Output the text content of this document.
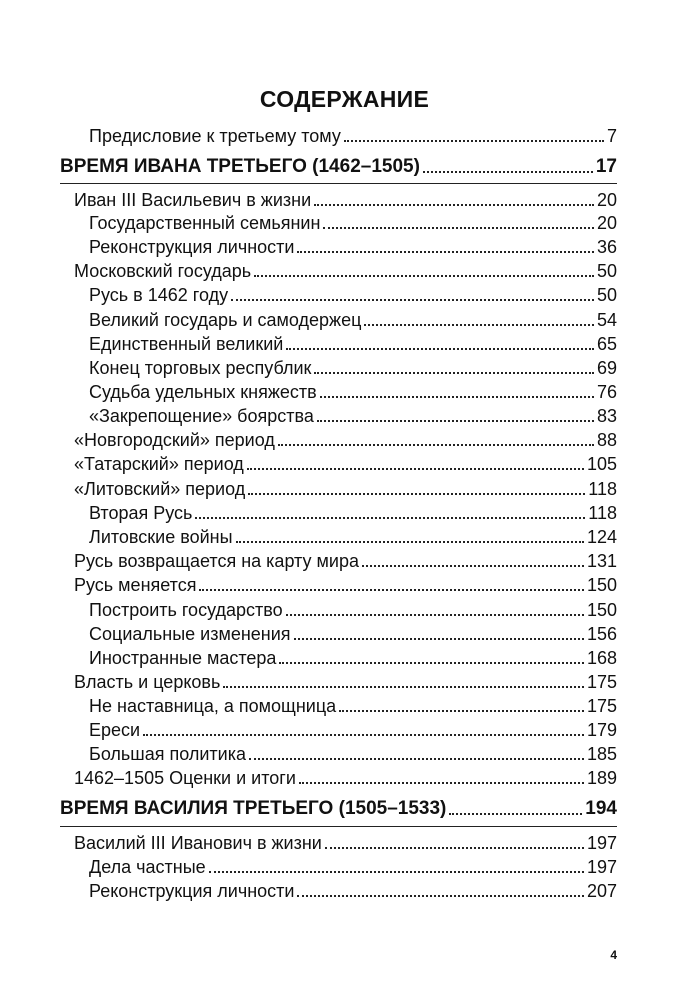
СОДЕРЖАНИЕ
Предисловие к третьему тому	7
ВРЕМЯ ИВАНА ТРЕТЬЕГО (1462–1505)	17
Иван III Васильевич в жизни	20
Государственный семьянин	20
Реконструкция личности	36
Московский государь	50
Русь в 1462 году	50
Великий государь и самодержец	54
Единственный великий	65
Конец торговых республик	69
Судьба удельных княжеств	76
«Закрепощение» боярства	83
«Новгородский» период	88
«Татарский» период	105
«Литовский» период	118
Вторая Русь	118
Литовские войны	124
Русь возвращается на карту мира	131
Русь меняется	150
Построить государство	150
Социальные изменения	156
Иностранные мастера	168
Власть и церковь	175
Не наставница, а помощница	175
Ереси	179
Большая политика	185
1462–1505 Оценки и итоги	189
ВРЕМЯ ВАСИЛИЯ ТРЕТЬЕГО (1505–1533)	194
Василий III Иванович в жизни	197
Дела частные	197
Реконструкция личности	207
4
